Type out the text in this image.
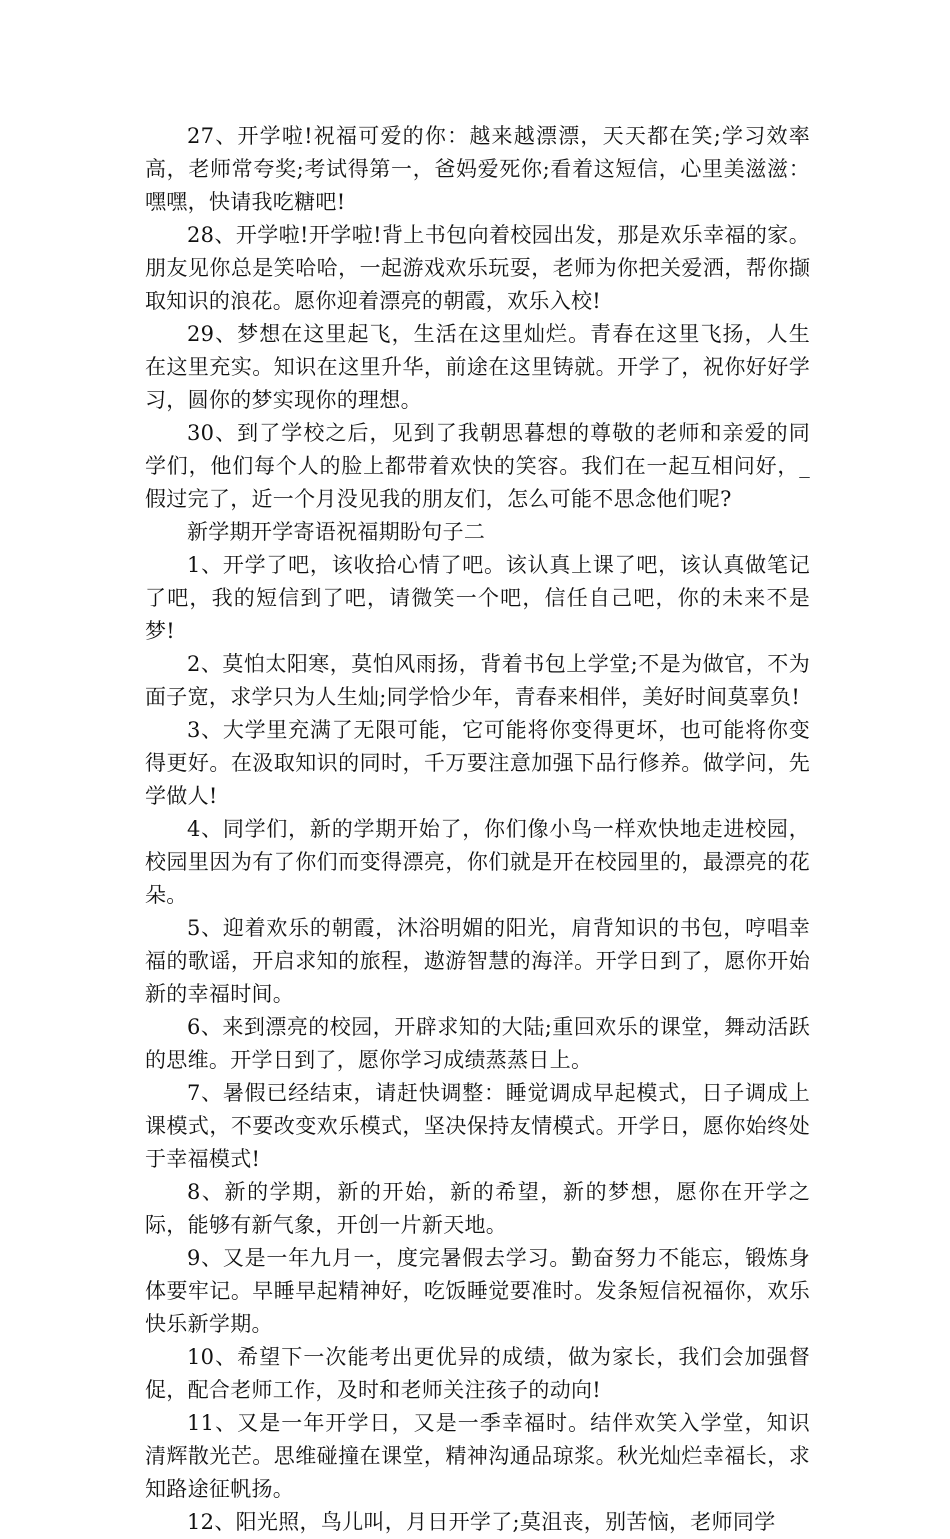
27、开学啦!祝福可爱的你：越来越漂漂，天天都在笑;学习效率高，老师常夸奖;考试得第一，爸妈爱死你;看着这短信，心里美滋滋：嘿嘿，快请我吃糖吧!

28、开学啦!开学啦!背上书包向着校园出发，那是欢乐幸福的家。朋友见你总是笑哈哈，一起游戏欢乐玩耍，老师为你把关爱洒，帮你撷取知识的浪花。愿你迎着漂亮的朝霞，欢乐入校!

29、梦想在这里起飞，生活在这里灿烂。青春在这里飞扬，人生在这里充实。知识在这里升华，前途在这里铸就。开学了，祝你好好学习，圆你的梦实现你的理想。

30、到了学校之后，见到了我朝思暮想的尊敬的老师和亲爱的同学们，他们每个人的脸上都带着欢快的笑容。我们在一起互相问好，_假过完了，近一个月没见我的朋友们，怎么可能不思念他们呢?

新学期开学寄语祝福期盼句子二

1、开学了吧，该收拾心情了吧。该认真上课了吧，该认真做笔记了吧，我的短信到了吧，请微笑一个吧，信任自己吧，你的未来不是梦!

2、莫怕太阳寒，莫怕风雨扬，背着书包上学堂;不是为做官，不为面子宽，求学只为人生灿;同学恰少年，青春来相伴，美好时间莫辜负!

3、大学里充满了无限可能，它可能将你变得更坏，也可能将你变得更好。在汲取知识的同时，千万要注意加强下品行修养。做学问，先学做人!

4、同学们，新的学期开始了，你们像小鸟一样欢快地走进校园，校园里因为有了你们而变得漂亮，你们就是开在校园里的，最漂亮的花朵。

5、迎着欢乐的朝霞，沐浴明媚的阳光，肩背知识的书包，哼唱幸福的歌谣，开启求知的旅程，遨游智慧的海洋。开学日到了，愿你开始新的幸福时间。

6、来到漂亮的校园，开辟求知的大陆;重回欢乐的课堂，舞动活跃的思维。开学日到了，愿你学习成绩蒸蒸日上。

7、暑假已经结束，请赶快调整：睡觉调成早起模式，日子调成上课模式，不要改变欢乐模式，坚决保持友情模式。开学日，愿你始终处于幸福模式!

8、新的学期，新的开始，新的希望，新的梦想，愿你在开学之际，能够有新气象，开创一片新天地。

9、又是一年九月一，度完暑假去学习。勤奋努力不能忘，锻炼身体要牢记。早睡早起精神好，吃饭睡觉要准时。发条短信祝福你，欢乐快乐新学期。

10、希望下一次能考出更优异的成绩，做为家长，我们会加强督促，配合老师工作，及时和老师关注孩子的动向!

11、又是一年开学日，又是一季幸福时。结伴欢笑入学堂，知识清辉散光芒。思维碰撞在课堂，精神沟通品琼浆。秋光灿烂幸福长，求知路途征帆扬。

12、阳光照，鸟儿叫，月日开学了;莫沮丧，别苦恼，老师同学
